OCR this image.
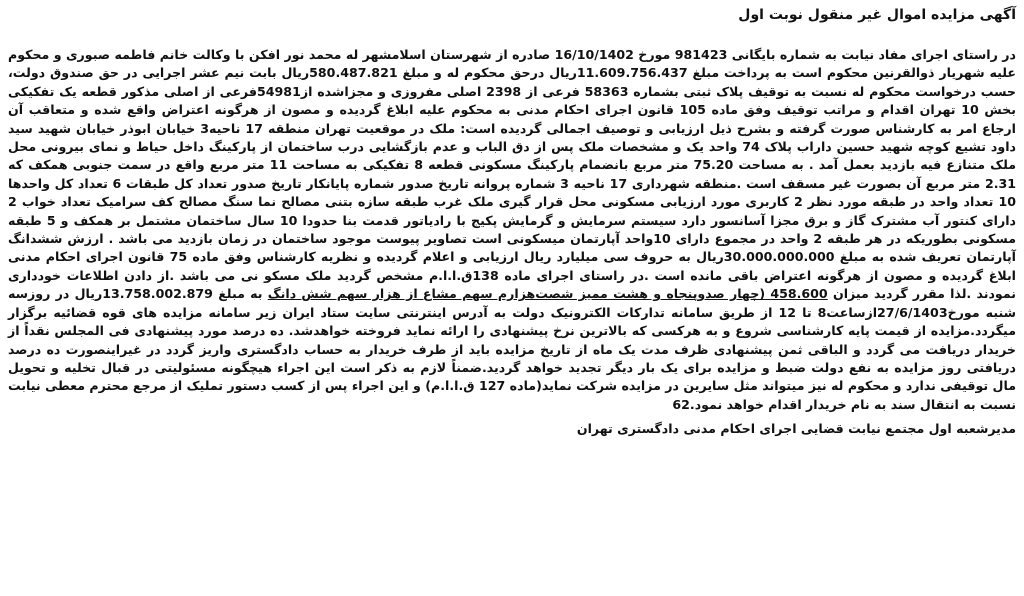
آگهی مزایده اموال غیر منقول نوبت اول

در راستای اجرای مفاد نیابت به شماره بایگانی 981423 مورخ 16/10/1402 صادره از شهرستان اسلامشهر له محمد نور افکن با وکالت خانم فاطمه صبوری و محکوم علیه شهریار ذوالقرنین محکوم است به پرداخت مبلغ 11.609.756.437ریال درحق محکوم له و مبلغ 580.487.821ریال بابت نیم عشر اجرایی در حق صندوق دولت، حسب درخواست محکوم له نسبت به توقیف پلاک ثبتی بشماره 58363 فرعی از 2398 اصلی مفروزی و مجزاشده از54981فرعی از اصلی مذکور قطعه یک تفکیکی بخش 10 تهران اقدام و مراتب توقیف وفق ماده 105 قانون اجرای احکام مدنی به محکوم علیه ابلاغ گردیده و مصون از هرگونه اعتراض واقع شده و متعاقب آن ارجاع امر به کارشناس صورت گرفته و بشرح ذیل ارزیابی و توصیف اجمالی گردیده است: ملک در موقعیت تهران منطقه 17 ناحیه3 خیابان ابوذر خیابان شهید سید داود تشیع کوچه شهید حسین داراب پلاک 74 واحد یک و مشخصات ملک پس از دق الباب و عدم بازگشایی درب ساختمان از پارکینگ داخل حیاط و نمای بیرونی محل ملک متنازع فیه بازدید بعمل آمد . به مساحت 75.20 متر مربع بانضمام پارکینگ مسکونی قطعه 8 تفکیکی به مساحت 11 متر مربع واقع در سمت جنوبی همکف که 2.31 متر مربع آن بصورت غیر مسقف است .منطقه شهرداری 17 ناحیه 3 شماره پروانه تاریخ صدور شماره پایانکار تاریخ صدور تعداد کل طبقات 6 تعداد کل واحدها 10 تعداد واحد در طبقه مورد نظر 2 کاربری مورد ارزیابی مسکونی محل قرار گیری ملک غرب طبقه سازه بتنی مصالح نما سنگ مصالح کف سرامیک تعداد خواب 2 دارای کنتور آب مشترک گاز و برق مجزا آسانسور دارد سیستم سرمایش و گرمایش پکیج با رادیاتور قدمت بنا حدودا 10 سال ساختمان مشتمل بر همکف و 5 طبقه مسکونی بطوریکه در هر طبقه 2 واحد در مجموع دارای 10واحد آپارتمان میسکونی است تصاویر پیوست موجود ساختمان در زمان بازدید می باشد . ارزش ششدانگ آپارتمان تعریف شده به مبلغ 30.000.000.000ریال به حروف سی میلیارد ریال ارزیابی و اعلام گردیده و نظریه کارشناس وفق ماده 75 قانون اجرای احکام مدنی ابلاغ گردیده و مصون از هرگونه اعتراض باقی مانده است .در راستای اجرای ماده 138ق.ا.ا.م مشخص گردید ملک مسکو نی می باشد .از دادن اطلاعات خودداری نمودند .لذا مقرر گردید میزان 458.600 (چهار صدوپنجاه و هشت ممیز شصت‌هزارم سهم مشاع از هزار سهم شش دانگ به مبلغ 13.758.002.879ریال در روزسه شنبه مورخ27/6/1403ازساعت8 تا 12 از طریق سامانه تدارکات الکترونیک دولت به آدرس اینترنتی سایت ستاد ایران زیر سامانه مزایده های قوه قضائیه برگزار میگردد.مزایده از قیمت پایه کارشناسی شروع و به هرکسی که بالاترین نرخ پیشنهادی را ارائه نماید فروخته خواهدشد. ده درصد مورد پیشنهادی فی المجلس نقداً از خریدار دریافت می گردد و الباقی ثمن پیشنهادی ظرف مدت یک ماه از تاریخ مزایده باید از طرف خریدار به حساب دادگستری واریز گردد در غیراینصورت ده درصد دریافتی روز مزایده به نفع دولت ضبط و مزایده برای یک بار دیگر تجدید خواهد گردید.ضمناً لازم به ذکر است این اجراء هیچگونه مسئولیتی در قبال تخلیه و تحویل مال توقیفی ندارد و محکوم له نیز میتواند مثل سایرین در مزایده شرکت نماید(ماده 127 ق.ا.ا.م) و این اجراء پس از کسب دستور تملیک از مرجع محترم معطی نیابت نسبت به انتقال سند به نام خریدار اقدام خواهد نمود.62

مدیرشعبه اول مجتمع نیابت قضایی اجرای احکام مدنی دادگستری تهران
